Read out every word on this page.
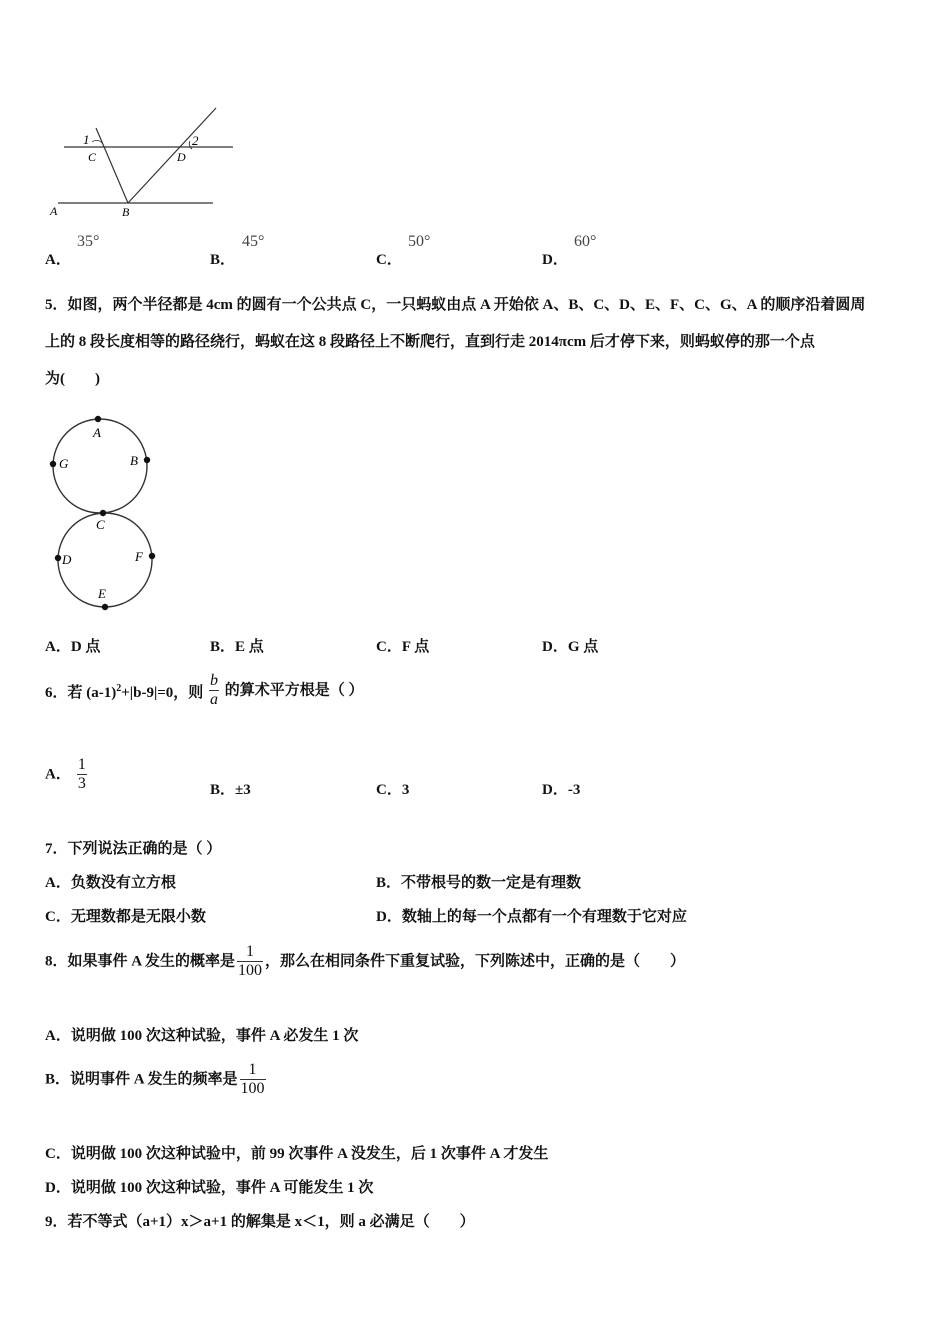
1	2
C	D
A	B
35°
A．
45°
B．
50°
C．
60°
D．
5．如图，两个半径都是 4cm 的圆有一个公共点 C，一只蚂蚁由点 A 开始依 A、B、C、D、E、F、C、G、A 的顺序沿着圆周
上的 8 段长度相等的路径绕行，蚂蚁在这 8 段路径上不断爬行，直到行走 2014πcm 后才停下来，则蚂蚁停的那一个点
为(　　)
A
G	B
C
D	F
E
A．D 点	B．E 点	C．F 点	D．G 点
6．若 $(a-1)^2+|b-9|=0$，则 $\frac{b}{a}$ 的算术平方根是（ ）
A． $\frac{1}{3}$	B．±3	C．3	D．-3
7．下列说法正确的是（ ）
A．负数没有立方根	B．不带根号的数一定是有理数
C．无理数都是无限小数	D．数轴上的每一个点都有一个有理数于它对应
8．如果事件 A 发生的概率是 $\frac{1}{100}$ ，那么在相同条件下重复试验，下列陈述中，正确的是（　　）
A．说明做 100 次这种试验，事件 A 必发生 1 次
B．说明事件 A 发生的频率是 $\frac{1}{100}$
C．说明做 100 次这种试验中，前 99 次事件 A 没发生，后 1 次事件 A 才发生
D．说明做 100 次这种试验，事件 A 可能发生 1 次
9．若不等式（a+1）x＞a+1 的解集是 x＜1，则 a 必满足（　　）
